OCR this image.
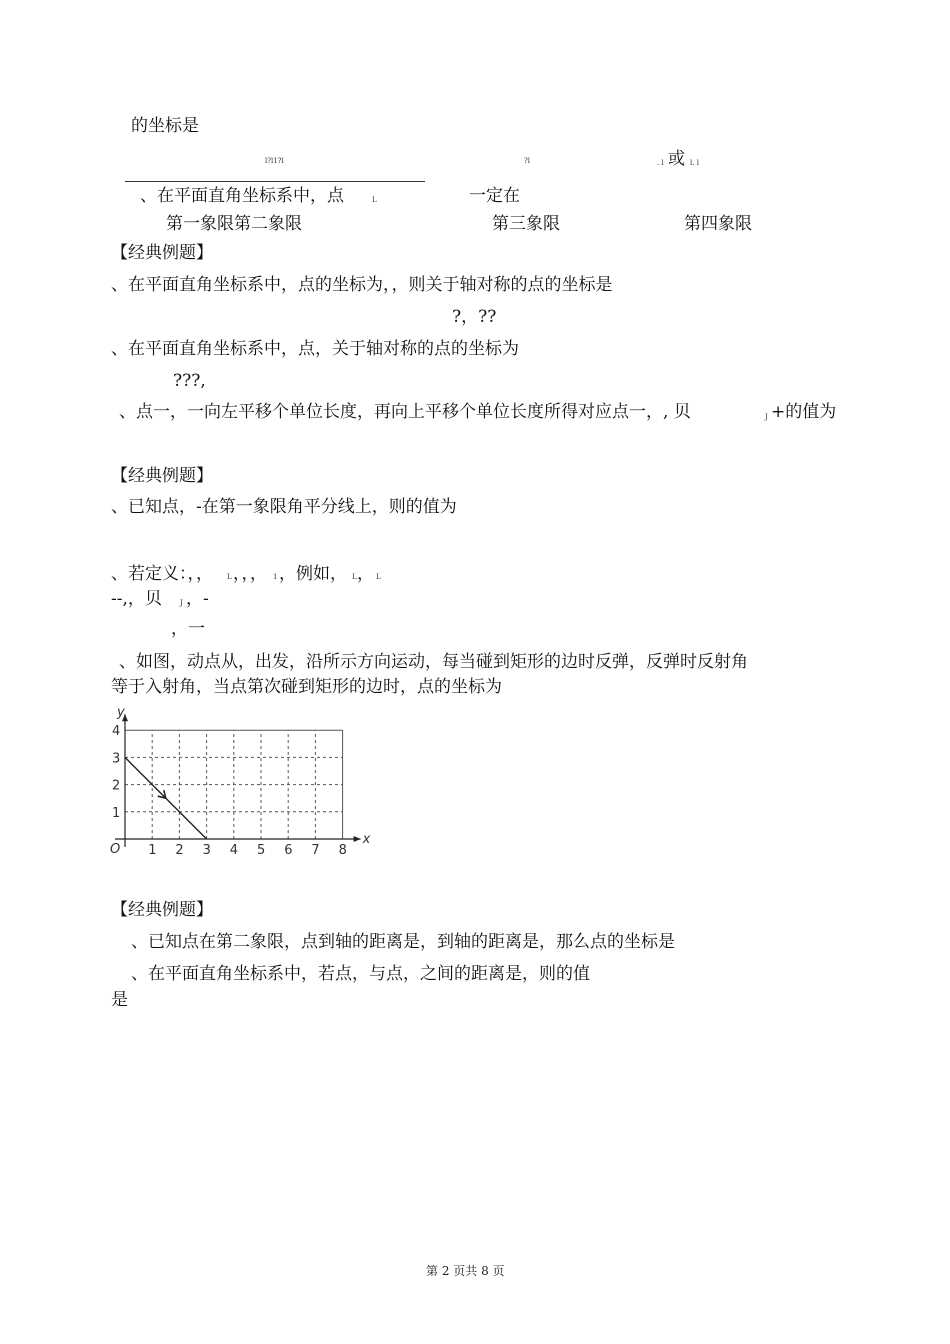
的坐标是
l?l1?l	?l	. l 或 l. l
、在平面直角坐标系中，点	L	一定在
第一象限第二象限	第三象限	第四象限
【经典例题】
、在平面直角坐标系中，点的坐标为，，则关于轴对称的点的坐标是
?，??
、在平面直角坐标系中，点，关于轴对称的点的坐标为
???,
、点一，一向左平移个单位长度，再向上平移个单位长度所得对应点一，, 贝	J +的值为
【经典例题】
、已知点，-在第一象限角平分线上，则的值为
、若定义：，， L ，，， 1 ，例如， L ， L
--,，贝	J ，-
，一
、如图，动点从，出发，沿所示方向运动，每当碰到矩形的边时反弹，反弹时反射角
等于入射角，当点第次碰到矩形的边时，点的坐标为
x
y
O 1 2 3 4 5 6 7 8
1
2
3
4
【经典例题】
、已知点在第二象限，点到轴的距离是，到轴的距离是，那么点的坐标是
、在平面直角坐标系中，若点，与点，之间的距离是，则的值
是
第 2 页共 8 页
